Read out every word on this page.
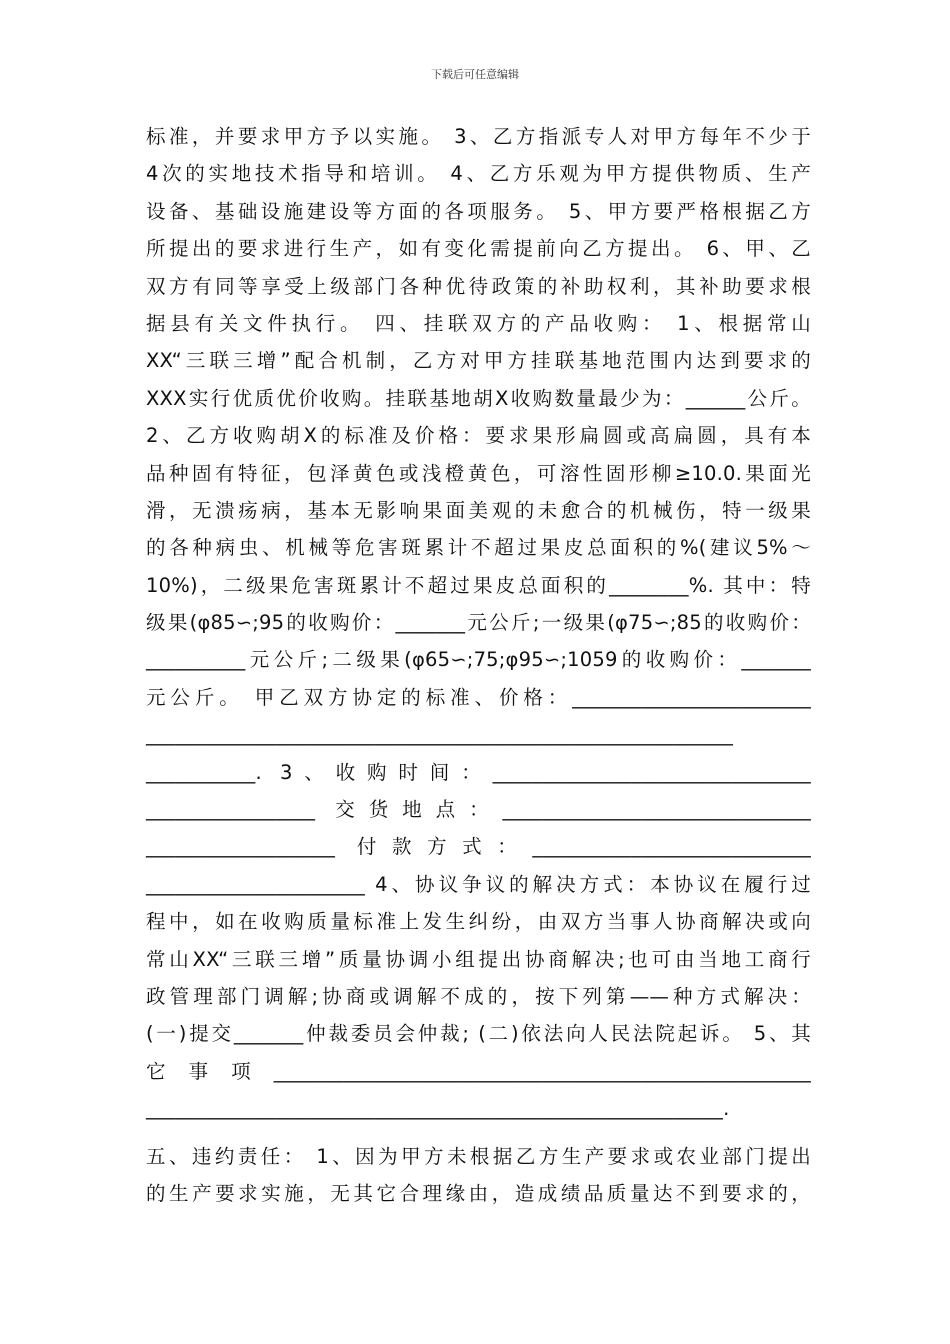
下载后可任意编辑
标准，并要求甲方予以实施。 3、乙方指派专人对甲方每年不少于
4次的实地技术指导和培训。 4、乙方乐观为甲方提供物质、生产
设备、基础设施建设等方面的各项服务。 5、甲方要严格根据乙方
所提出的要求进行生产，如有变化需提前向乙方提出。 6、甲、乙
双方有同等享受上级部门各种优待政策的补助权利，其补助要求根
据县有关文件执行。 四、挂联双方的产品收购： 1、根据常山
XX“三联三增”配合机制，乙方对甲方挂联基地范围内达到要求的
XXX实行优质优价收购。挂联基地胡X收购数量最少为：______公斤。
2、乙方收购胡X的标准及价格：要求果形扁圆或高扁圆，具有本
品种固有特征，包泽黄色或浅橙黄色，可溶性固形柳≥10.0.果面光
滑，无溃疡病，基本无影响果面美观的未愈合的机械伤，特一级果
的各种病虫、机械等危害斑累计不超过果皮总面积的%(建议5%～
10%)，二级果危害斑累计不超过果皮总面积的________%. 其中：特
级果(φ85∽;95的收购价：_______元公斤;一级果(φ75∽;85的收购价：
__________元公斤;二级果(φ65∽;75;φ95∽;1059的收购价：_______
元公斤。 甲乙双方协定的标准、价格：________________________
___________________________________________________________
___________. 3、收购时间：________________________________
_________________ 交货地点：_______________________________
___________________ 付款方式：____________________________
______________________ 4、协议争议的解决方式：本协议在履行过
程中，如在收购质量标准上发生纠纷，由双方当事人协商解决或向
常山XX“三联三增”质量协调小组提出协商解决;也可由当地工商行
政管理部门调解;协商或调解不成的，按下列第——种方式解决：
(一)提交_______仲裁委员会仲裁; (二)依法向人民法院起诉。 5、其
它事项______________________________________________________
__________________________________________________________.
五、违约责任： 1、因为甲方未根据乙方生产要求或农业部门提出
的生产要求实施，无其它合理缘由，造成绩品质量达不到要求的，
